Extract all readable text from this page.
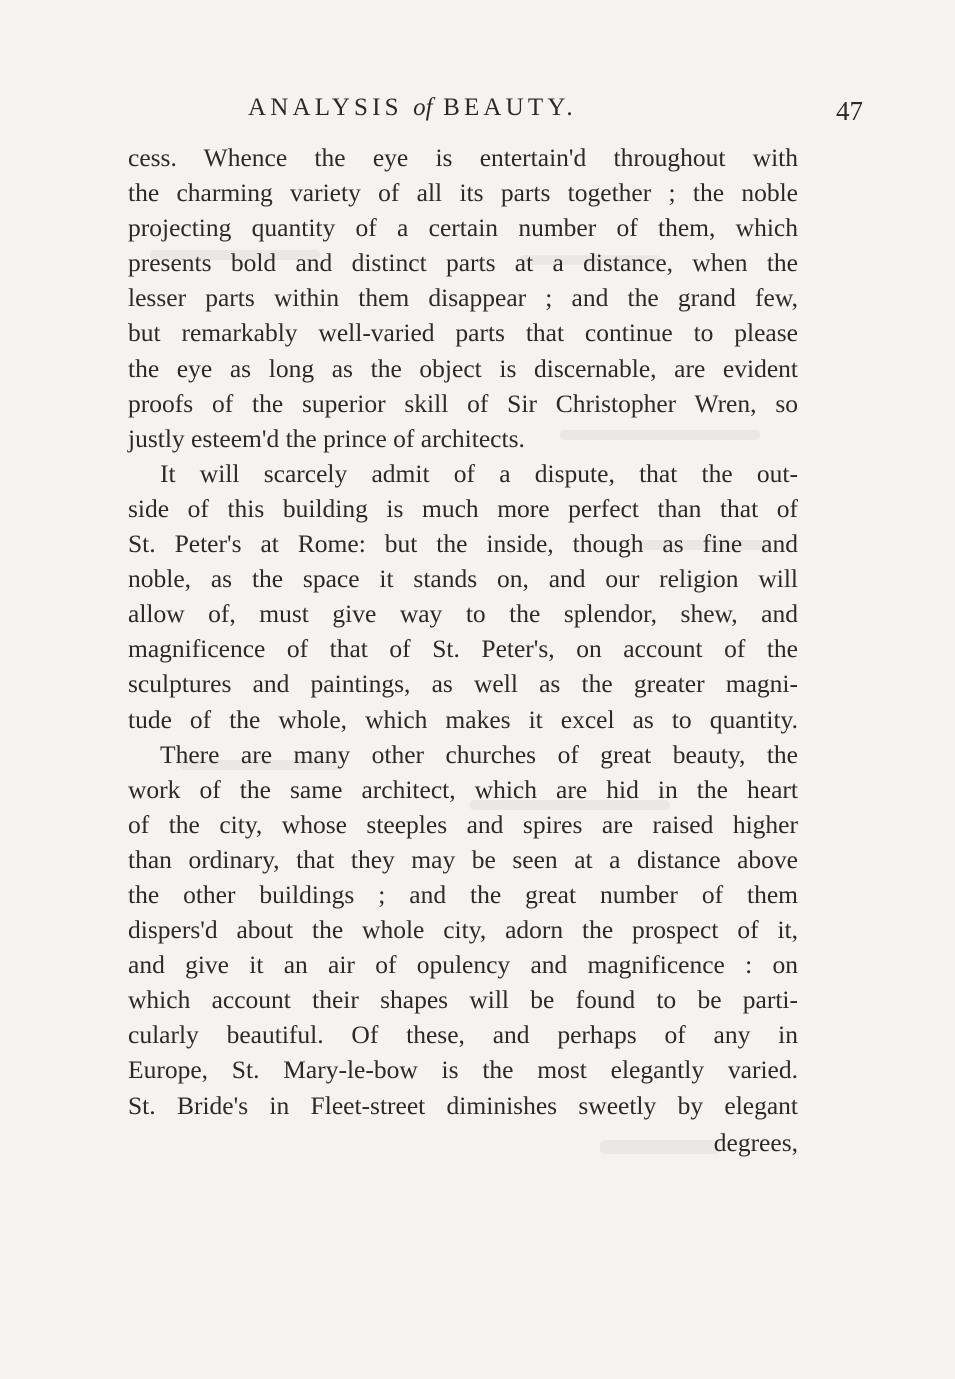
ANALYSIS of BEAUTY.	47
cess. Whence the eye is entertain'd throughout with
the charming variety of all its parts together ; the noble
projecting quantity of a certain number of them, which
presents bold and distinct parts at a distance, when the
lesser parts within them disappear ; and the grand few,
but remarkably well-varied parts that continue to please
the eye as long as the object is discernable, are evident
proofs of the superior skill of Sir Christopher Wren, so
justly esteem'd the prince of architects.
It will scarcely admit of a dispute, that the out-
side of this building is much more perfect than that of
St. Peter's at Rome: but the inside, though as fine and
noble, as the space it stands on, and our religion will
allow of, must give way to the splendor, shew, and
magnificence of that of St. Peter's, on account of the
sculptures and paintings, as well as the greater magni-
tude of the whole, which makes it excel as to quantity.
There are many other churches of great beauty, the
work of the same architect, which are hid in the heart
of the city, whose steeples and spires are raised higher
than ordinary, that they may be seen at a distance above
the other buildings ; and the great number of them
dispers'd about the whole city, adorn the prospect of it,
and give it an air of opulency and magnificence : on
which account their shapes will be found to be parti-
cularly beautiful. Of these, and perhaps of any in
Europe, St. Mary-le-bow is the most elegantly varied.
St. Bride's in Fleet-street diminishes sweetly by elegant
degrees,
